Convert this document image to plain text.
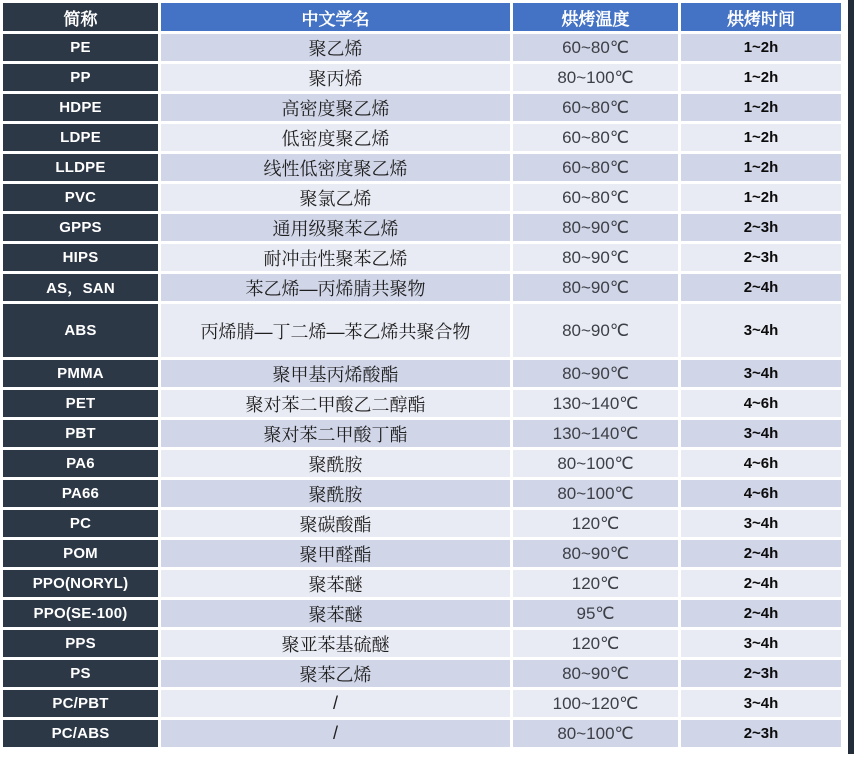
简称	中文学名	烘烤温度	烘烤时间
PE	聚乙烯	60~80℃	1~2h
PP	聚丙烯	80~100℃	1~2h
HDPE	高密度聚乙烯	60~80℃	1~2h
LDPE	低密度聚乙烯	60~80℃	1~2h
LLDPE	线性低密度聚乙烯	60~80℃	1~2h
PVC	聚氯乙烯	60~80℃	1~2h
GPPS	通用级聚苯乙烯	80~90℃	2~3h
HIPS	耐冲击性聚苯乙烯	80~90℃	2~3h
AS，SAN	苯乙烯—丙烯腈共聚物	80~90℃	2~4h
ABS	丙烯腈—丁二烯—苯乙烯共聚合物	80~90℃	3~4h
PMMA	聚甲基丙烯酸酯	80~90℃	3~4h
PET	聚对苯二甲酸乙二醇酯	130~140℃	4~6h
PBT	聚对苯二甲酸丁酯	130~140℃	3~4h
PA6	聚酰胺	80~100℃	4~6h
PA66	聚酰胺	80~100℃	4~6h
PC	聚碳酸酯	120℃	3~4h
POM	聚甲醛酯	80~90℃	2~4h
PPO(NORYL)	聚苯醚	120℃	2~4h
PPO(SE-100)	聚苯醚	95℃	2~4h
PPS	聚亚苯基硫醚	120℃	3~4h
PS	聚苯乙烯	80~90℃	2~3h
PC/PBT	/	100~120℃	3~4h
PC/ABS	/	80~100℃	2~3h
